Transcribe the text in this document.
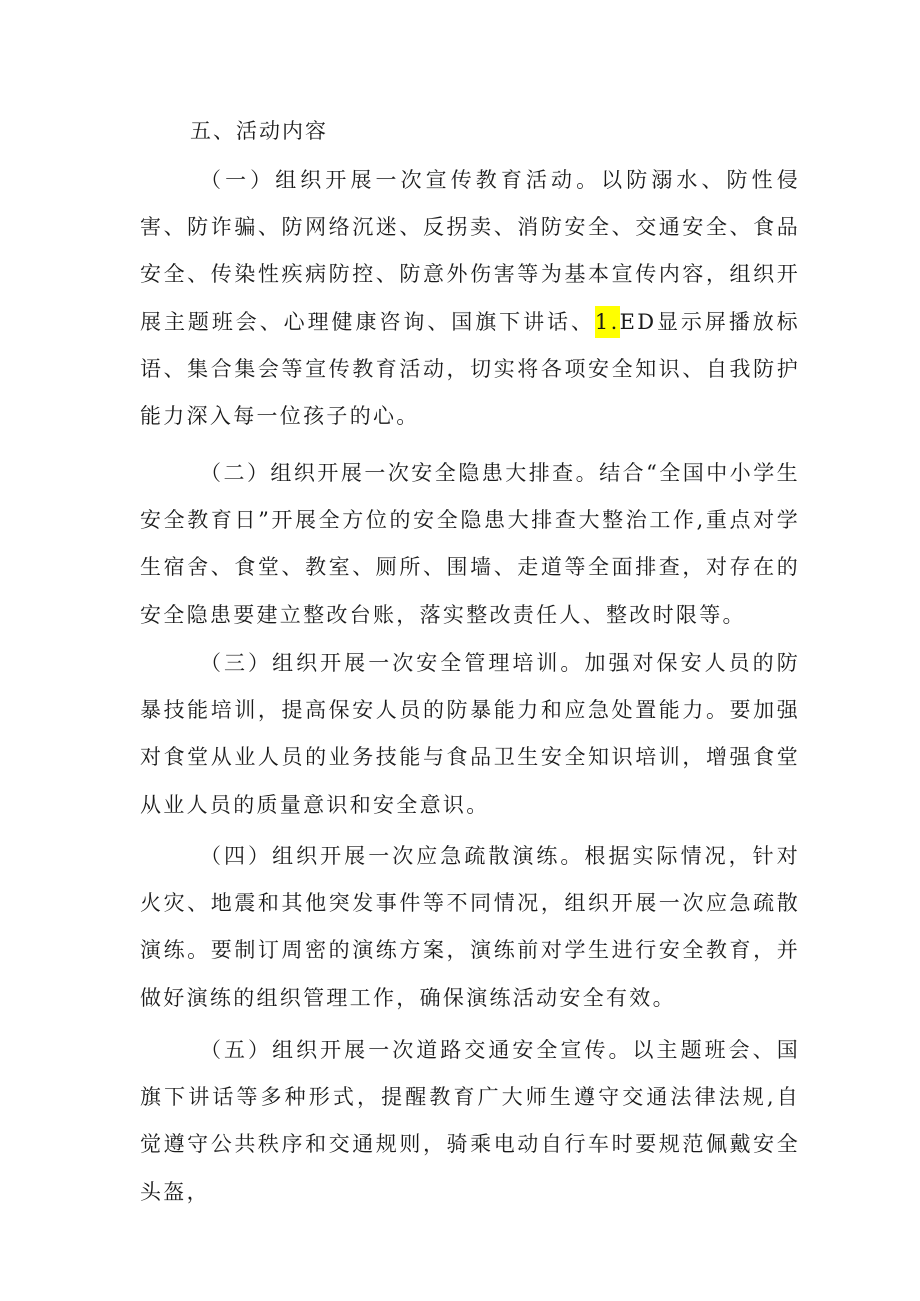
五、活动内容

（一）组织开展一次宣传教育活动。以防溺水、防性侵害、防诈骗、防网络沉迷、反拐卖、消防安全、交通安全、食品安全、传染性疾病防控、防意外伤害等为基本宣传内容，组织开展主题班会、心理健康咨询、国旗下讲话、1.ED显示屏播放标语、集合集会等宣传教育活动，切实将各项安全知识、自我防护能力深入每一位孩子的心。

（二）组织开展一次安全隐患大排查。结合“全国中小学生安全教育日”开展全方位的安全隐患大排查大整治工作,重点对学生宿舍、食堂、教室、厕所、围墙、走道等全面排查，对存在的安全隐患要建立整改台账，落实整改责任人、整改时限等。

（三）组织开展一次安全管理培训。加强对保安人员的防暴技能培训，提高保安人员的防暴能力和应急处置能力。要加强对食堂从业人员的业务技能与食品卫生安全知识培训，增强食堂从业人员的质量意识和安全意识。

（四）组织开展一次应急疏散演练。根据实际情况，针对火灾、地震和其他突发事件等不同情况，组织开展一次应急疏散演练。要制订周密的演练方案，演练前对学生进行安全教育，并做好演练的组织管理工作，确保演练活动安全有效。

（五）组织开展一次道路交通安全宣传。以主题班会、国旗下讲话等多种形式，提醒教育广大师生遵守交通法律法规,自觉遵守公共秩序和交通规则，骑乘电动自行车时要规范佩戴安全头盔，
